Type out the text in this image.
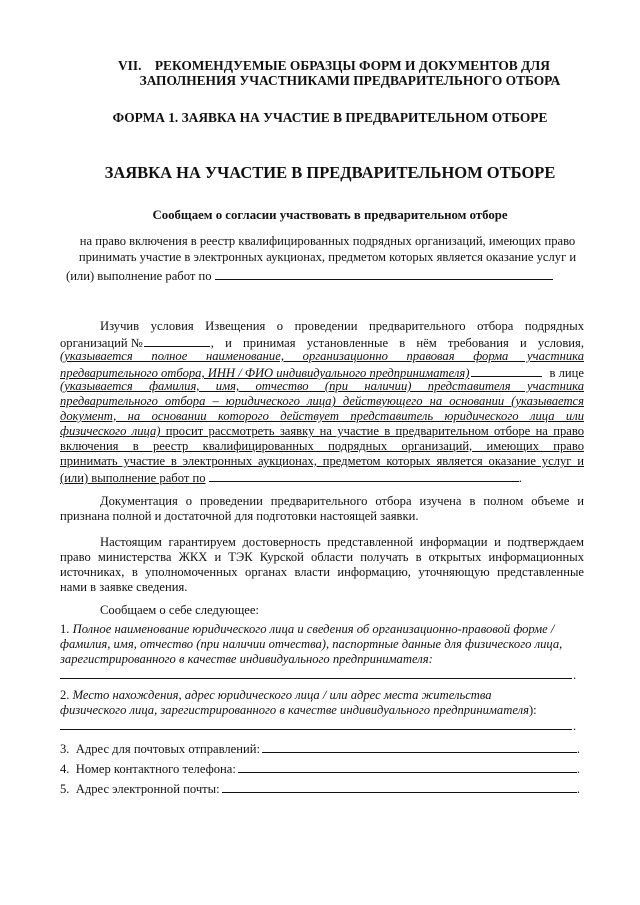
VII.    РЕКОМЕНДУЕМЫЕ ОБРАЗЦЫ ФОРМ И ДОКУМЕНТОВ ДЛЯ
ЗАПОЛНЕНИЯ УЧАСТНИКАМИ ПРЕДВАРИТЕЛЬНОГО ОТБОРА
ФОРМА 1. ЗАЯВКА НА УЧАСТИЕ В ПРЕДВАРИТЕЛЬНОМ ОТБОРЕ
ЗАЯВКА НА УЧАСТИЕ В ПРЕДВАРИТЕЛЬНОМ ОТБОРЕ
Сообщаем о согласии участвовать в предварительном отборе
на право включения в реестр квалифицированных подрядных организаций, имеющих право
принимать участие в электронных аукционах, предметом которых является оказание услуг и
(или) выполнение работ по
Изучив условия Извещения о проведении предварительного отбора подрядных
организаций №	, и принимая установленные в нём требования и условия,
(указывается полное наименование, организационно правовая форма участника
предварительного отбора, ИНН / ФИО индивидуального предпринимателя)	в лице
(указывается фамилия, имя, отчество (при наличии) представителя участника
предварительного отбора – юридического лица) действующего на основании (указывается
документ, на основании которого действует представитель юридического лица или
физического лица) просит рассмотреть заявку на участие в предварительном отборе на право
включения в реестр квалифицированных подрядных организаций, имеющих право
принимать участие в электронных аукционах, предметом которых является оказание услуг и
(или) выполнение работ по	.
Документация о проведении предварительного отбора изучена в полном объеме и
признана полной и достаточной для подготовки настоящей заявки.
Настоящим гарантируем достоверность представленной информации и подтверждаем
право министерства ЖКХ и ТЭК Курской области получать в открытых информационных
источниках, в уполномоченных органах власти информацию, уточняющую представленные
нами в заявке сведения.
Сообщаем о себе следующее:
1. Полное наименование юридического лица и сведения об организационно-правовой форме /
фамилия, имя, отчество (при наличии отчества), паспортные данные для физического лица,
зарегистрированного в качестве индивидуального предпринимателя:
.
2. Место нахождения, адрес юридического лица / или адрес места жительства
физического лица, зарегистрированного в качестве индивидуального предпринимателя):
.
3.  Адрес для почтовых отправлений:	.
4.  Номер контактного телефона:	.
5.  Адрес электронной почты:	.
